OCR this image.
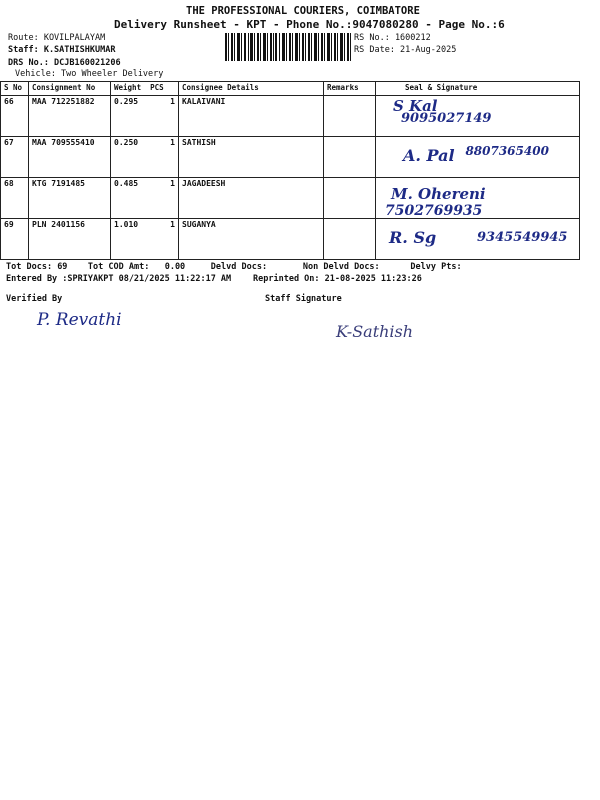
THE PROFESSIONAL COURIERS, COIMBATORE
Delivery Runsheet - KPT - Phone No.:9047080280 - Page No.:6
Route: KOVILPALAYAM
Staff: K.SATHISHKUMAR
DRS No.: DCJB160021206
Vehicle: Two Wheeler Delivery
RS No.: 1600212
RS Date: 21-Aug-2025
S No	Consignment No	Weight PCS	Consignee Details	Remarks	Seal & Signature
66	MAA 712251882	0.295 1	KALAIVANI		S Kal
9095027149

67	MAA 709555410	0.250 1	SATHISH		A. Pal 8807365400
68	KTG 7191485	0.485 1	JAGADEESH		M. Ohereni 7502769935
69	PLN 2401156	1.010 1	SUGANYA		R. Sg 9345549945
Tot Docs: 69 Tot COD Amt: 0.00	Delvd Docs:	Non Delvd Docs:	Delvy Pts:
Entered By :SPRIYAKPT 08/21/2025 11:22:17 AM	Reprinted On: 21-08-2025 11:23:26
Verified By	Staff Signature
P. Revathi
K-Sathish
